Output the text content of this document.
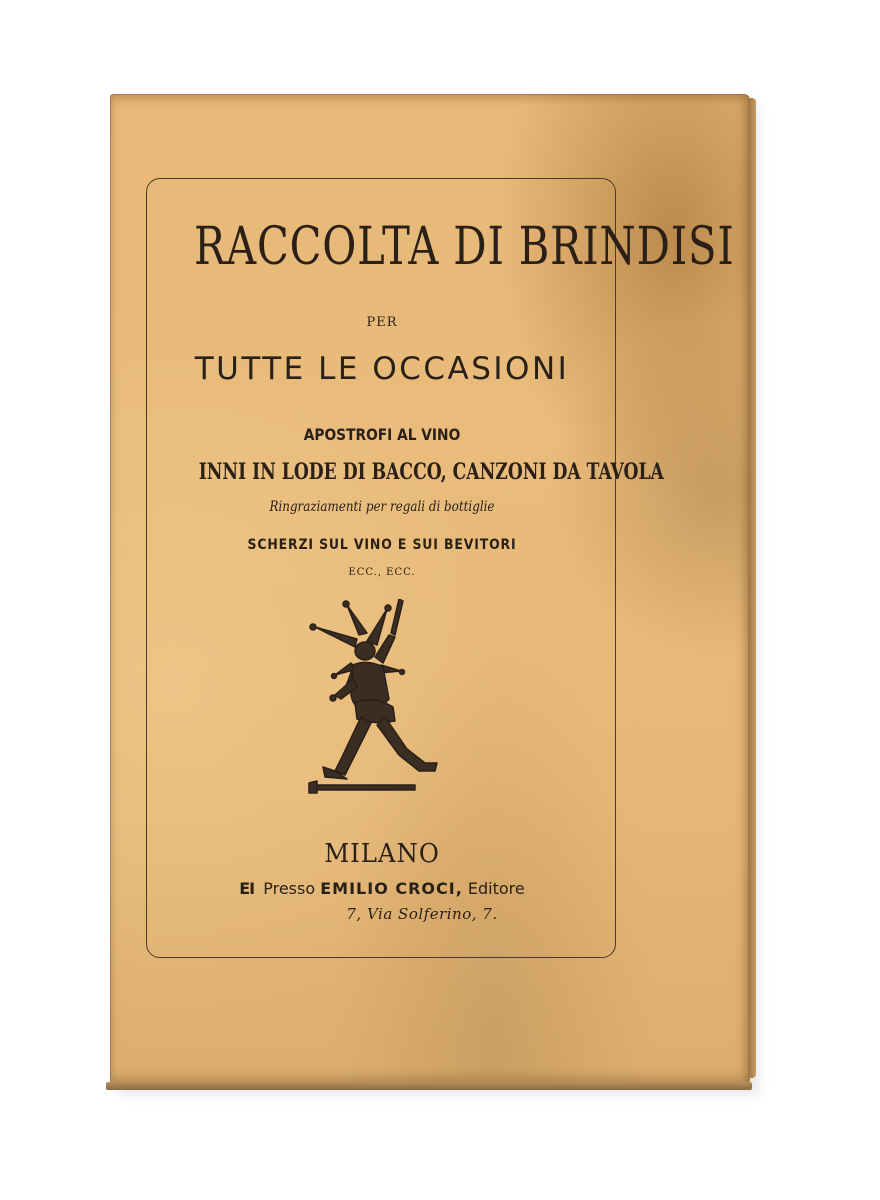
RACCOLTA DI BRINDISI
PER
TUTTE LE OCCASIONI
APOSTROFI AL VINO
INNI IN LODE DI BACCO, CANZONI DA TAVOLA
Ringraziamenti per regali di bottiglie
SCHERZI SUL VINO E SUI BEVITORI
ECC., ECC.
MILANO
EI Presso EMILIO CROCI, Editore
7, Via Solferino, 7.
